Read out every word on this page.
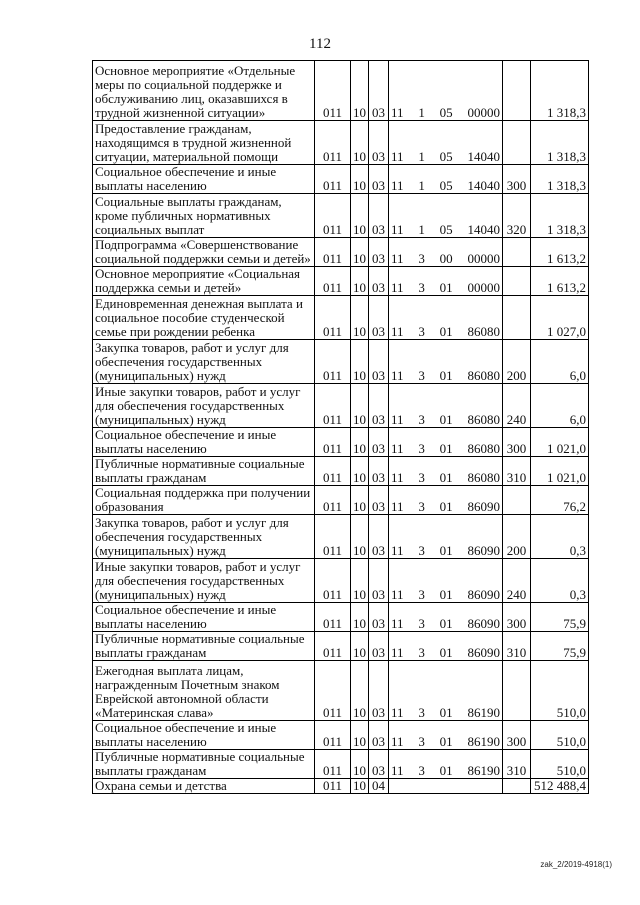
112
Основное мероприятие «Отдельные
меры по социальной поддержке и
обслуживанию лиц, оказавшихся в
трудной жизненной ситуации»	011	10	03	11 1 05 00000		1 318,3
Предоставление гражданам,
находящимся в трудной жизненной
ситуации, материальной помощи	011	10	03	11 1 05 14040		1 318,3
Социальное обеспечение и иные
выплаты населению	011	10	03	11 1 05 14040	300	1 318,3
Социальные выплаты гражданам,
кроме публичных нормативных
социальных выплат	011	10	03	11 1 05 14040	320	1 318,3
Подпрограмма «Совершенствование
социальной поддержки семьи и детей»	011	10	03	11 3 00 00000		1 613,2
Основное мероприятие «Социальная
поддержка семьи и детей»	011	10	03	11 3 01 00000		1 613,2
Единовременная денежная выплата и
социальное пособие студенческой
семье при рождении ребенка	011	10	03	11 3 01 86080		1 027,0
Закупка товаров, работ и услуг для
обеспечения государственных
(муниципальных) нужд	011	10	03	11 3 01 86080	200	6,0
Иные закупки товаров, работ и услуг
для обеспечения государственных
(муниципальных) нужд	011	10	03	11 3 01 86080	240	6,0
Социальное обеспечение и иные
выплаты населению	011	10	03	11 3 01 86080	300	1 021,0
Публичные нормативные социальные
выплаты гражданам	011	10	03	11 3 01 86080	310	1 021,0
Социальная поддержка при получении
образования	011	10	03	11 3 01 86090		76,2
Закупка товаров, работ и услуг для
обеспечения государственных
(муниципальных) нужд	011	10	03	11 3 01 86090	200	0,3
Иные закупки товаров, работ и услуг
для обеспечения государственных
(муниципальных) нужд	011	10	03	11 3 01 86090	240	0,3
Социальное обеспечение и иные
выплаты населению	011	10	03	11 3 01 86090	300	75,9
Публичные нормативные социальные
выплаты гражданам	011	10	03	11 3 01 86090	310	75,9
Ежегодная выплата лицам,
награжденным Почетным знаком
Еврейской автономной области
«Материнская слава»	011	10	03	11 3 01 86190		510,0
Социальное обеспечение и иные
выплаты населению	011	10	03	11 3 01 86190	300	510,0
Публичные нормативные социальные
выплаты гражданам	011	10	03	11 3 01 86190	310	510,0
Охрана семьи и детства	011	10	04			512 488,4
zak_2/2019-4918(1)
